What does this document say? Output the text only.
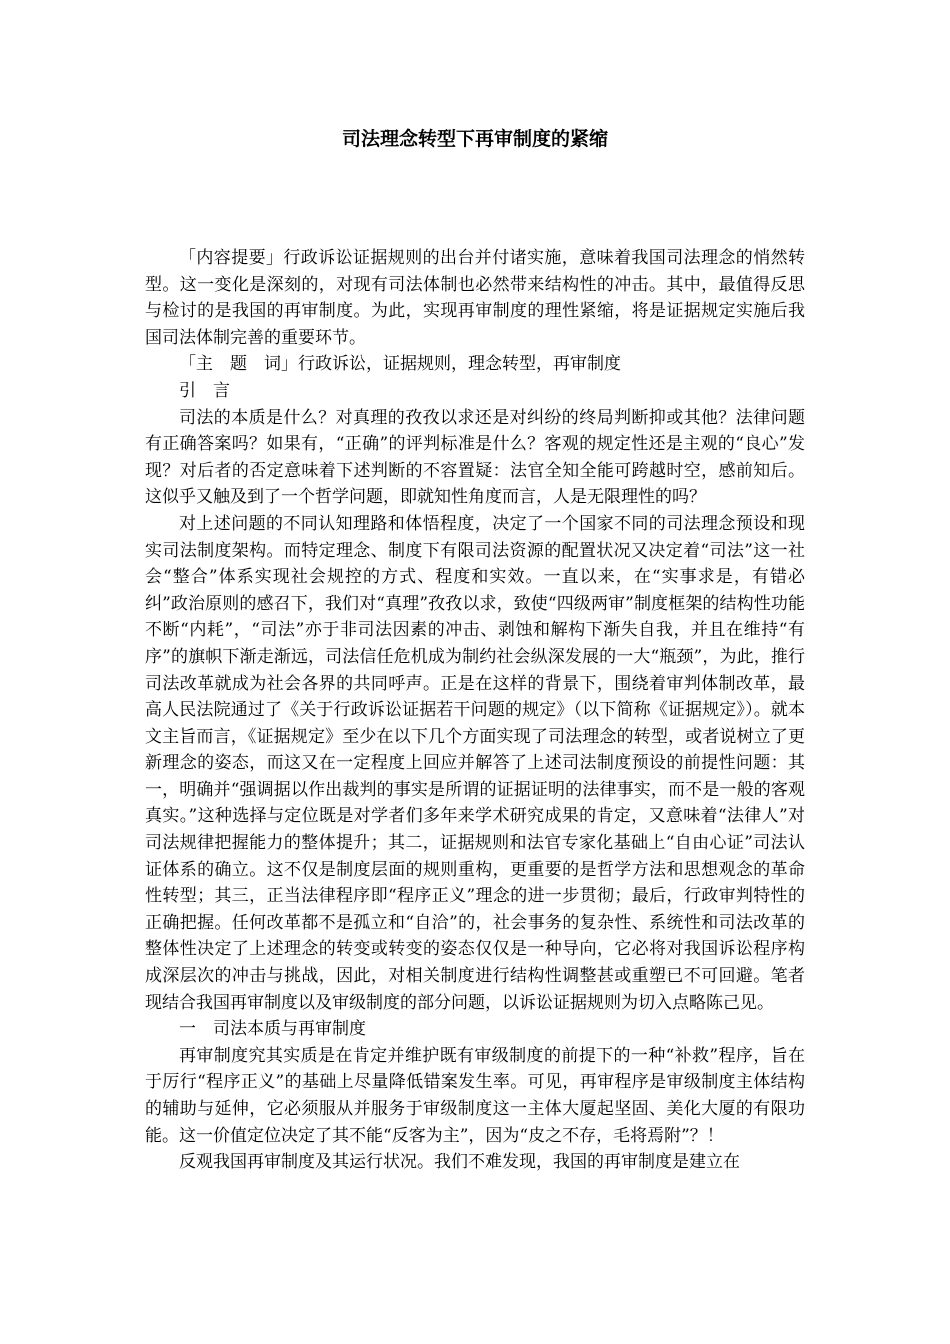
司法理念转型下再审制度的紧缩

「内容提要」行政诉讼证据规则的出台并付诸实施，意味着我国司法理念的悄然转型。这一变化是深刻的，对现有司法体制也必然带来结构性的冲击。其中，最值得反思与检讨的是我国的再审制度。为此，实现再审制度的理性紧缩，将是证据规定实施后我国司法体制完善的重要环节。

「主　题　词」行政诉讼，证据规则，理念转型，再审制度

引　言

司法的本质是什么？对真理的孜孜以求还是对纠纷的终局判断抑或其他？法律问题有正确答案吗？如果有，“正确”的评判标准是什么？客观的规定性还是主观的“良心”发现？对后者的否定意味着下述判断的不容置疑：法官全知全能可跨越时空，感前知后。这似乎又触及到了一个哲学问题，即就知性角度而言，人是无限理性的吗？

对上述问题的不同认知理路和体悟程度，决定了一个国家不同的司法理念预设和现实司法制度架构。而特定理念、制度下有限司法资源的配置状况又决定着“司法”这一社会“整合”体系实现社会规控的方式、程度和实效。一直以来，在“实事求是，有错必纠”政治原则的感召下，我们对“真理”孜孜以求，致使“四级两审”制度框架的结构性功能不断“内耗”，“司法”亦于非司法因素的冲击、剥蚀和解构下渐失自我，并且在维持“有序”的旗帜下渐走渐远，司法信任危机成为制约社会纵深发展的一大“瓶颈”，为此，推行司法改革就成为社会各界的共同呼声。正是在这样的背景下，围绕着审判体制改革，最高人民法院通过了《关于行政诉讼证据若干问题的规定》（以下简称《证据规定》）。就本文主旨而言，《证据规定》至少在以下几个方面实现了司法理念的转型，或者说树立了更新理念的姿态，而这又在一定程度上回应并解答了上述司法制度预设的前提性问题：其一，明确并“强调据以作出裁判的事实是所谓的证据证明的法律事实，而不是一般的客观真实。”这种选择与定位既是对学者们多年来学术研究成果的肯定，又意味着“法律人”对司法规律把握能力的整体提升；其二，证据规则和法官专家化基础上“自由心证”司法认证体系的确立。这不仅是制度层面的规则重构，更重要的是哲学方法和思想观念的革命性转型；其三，正当法律程序即“程序正义”理念的进一步贯彻；最后，行政审判特性的正确把握。任何改革都不是孤立和“自洽”的，社会事务的复杂性、系统性和司法改革的整体性决定了上述理念的转变或转变的姿态仅仅是一种导向，它必将对我国诉讼程序构成深层次的冲击与挑战，因此，对相关制度进行结构性调整甚或重塑已不可回避。笔者现结合我国再审制度以及审级制度的部分问题，以诉讼证据规则为切入点略陈己见。

一　司法本质与再审制度

再审制度究其实质是在肯定并维护既有审级制度的前提下的一种“补救”程序，旨在于厉行“程序正义”的基础上尽量降低错案发生率。可见，再审程序是审级制度主体结构的辅助与延伸，它必须服从并服务于审级制度这一主体大厦起坚固、美化大厦的有限功能。这一价值定位决定了其不能“反客为主”，因为“皮之不存，毛将焉附”？！

反观我国再审制度及其运行状况。我们不难发现，我国的再审制度是建立在
